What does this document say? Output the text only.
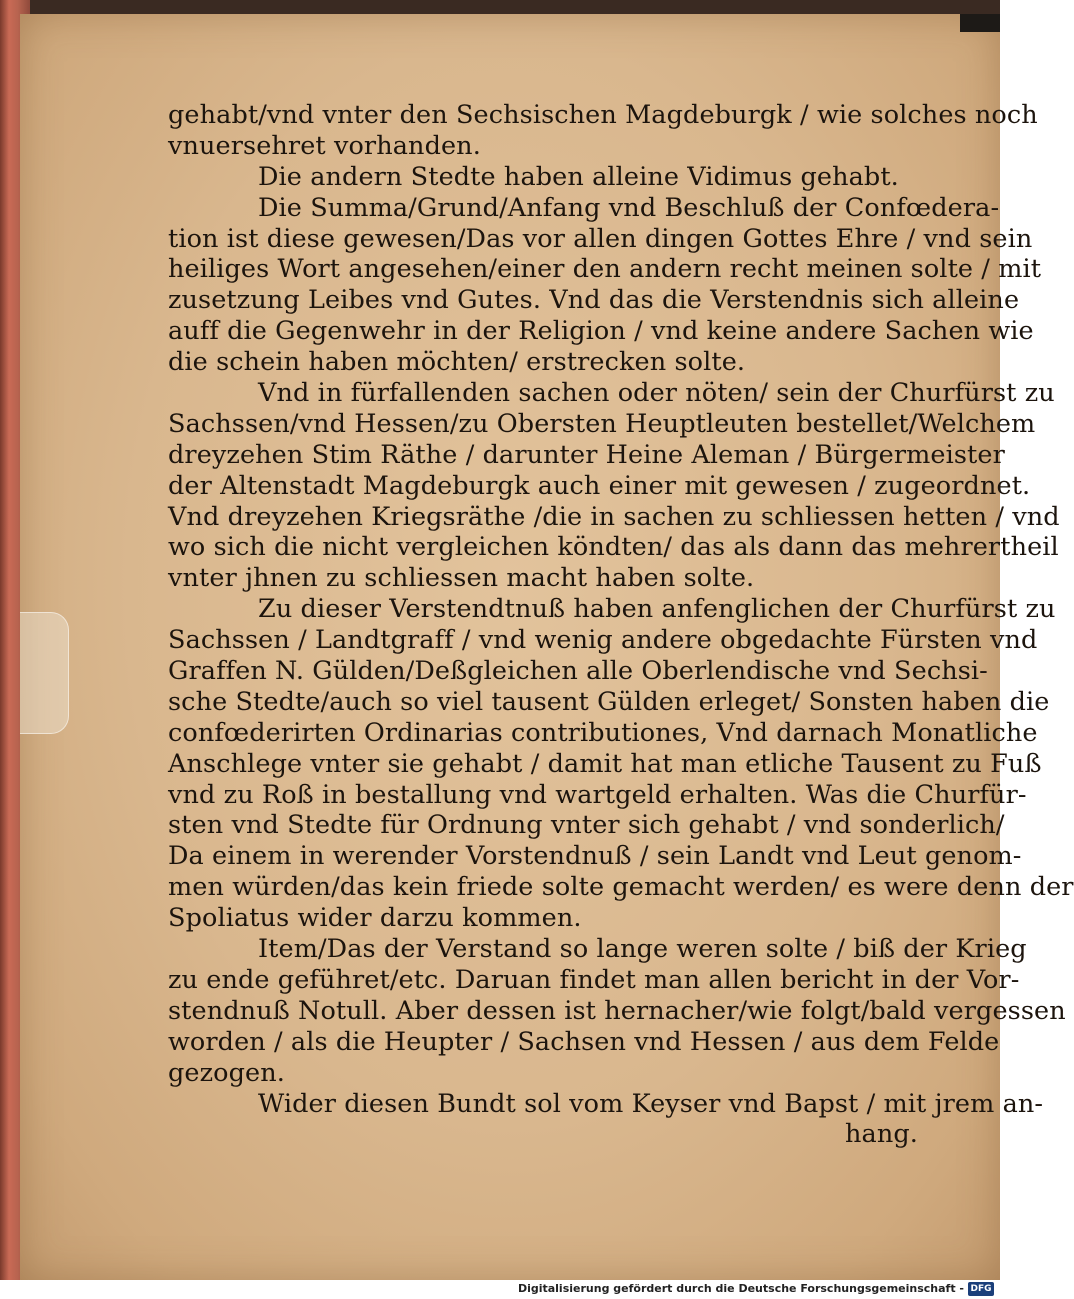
gehabt/vnd vnter den Sechsischen Magdeburgk / wie solches noch
vnuersehret vorhanden.
Die andern Stedte haben alleine Vidimus gehabt.
Die Summa/Grund/Anfang vnd Beschluß der Confœdera-
tion ist diese gewesen/Das vor allen dingen Gottes Ehre / vnd sein
heiliges Wort angesehen/einer den andern recht meinen solte / mit
zusetzung Leibes vnd Gutes. Vnd das die Verstendnis sich alleine
auff die Gegenwehr in der Religion / vnd keine andere Sachen wie
die schein haben möchten/ erstrecken solte.
Vnd in fürfallenden sachen oder nöten/ sein der Churfürst zu
Sachssen/vnd Hessen/zu Obersten Heuptleuten bestellet/Welchem
dreyzehen Stim Räthe / darunter Heine Aleman / Bürgermeister
der Altenstadt Magdeburgk auch einer mit gewesen / zugeordnet.
Vnd dreyzehen Kriegsräthe /die in sachen zu schliessen hetten / vnd
wo sich die nicht vergleichen köndten/ das als dann das mehrertheil
vnter jhnen zu schliessen macht haben solte.
Zu dieser Verstendtnuß haben anfenglichen der Churfürst zu
Sachssen / Landtgraff / vnd wenig andere obgedachte Fürsten vnd
Graffen N. Gülden/Deßgleichen alle Oberlendische vnd Sechsi-
sche Stedte/auch so viel tausent Gülden erleget/ Sonsten haben die
confœderirten Ordinarias contributiones, Vnd darnach Monatliche
Anschlege vnter sie gehabt / damit hat man etliche Tausent zu Fuß
vnd zu Roß in bestallung vnd wartgeld erhalten. Was die Churfür-
sten vnd Stedte für Ordnung vnter sich gehabt / vnd sonderlich/
Da einem in werender Vorstendnuß / sein Landt vnd Leut genom-
men würden/das kein friede solte gemacht werden/ es were denn der
Spoliatus wider darzu kommen.
Item/Das der Verstand so lange weren solte / biß der Krieg
zu ende geführet/etc. Daruan findet man allen bericht in der Vor-
stendnuß Notull. Aber dessen ist hernacher/wie folgt/bald vergessen
worden / als die Heupter / Sachsen vnd Hessen / aus dem Felde
gezogen.
Wider diesen Bundt sol vom Keyser vnd Bapst / mit jrem an-
hang.
Digitalisierung gefördert durch die Deutsche Forschungsgemeinschaft - DFG
